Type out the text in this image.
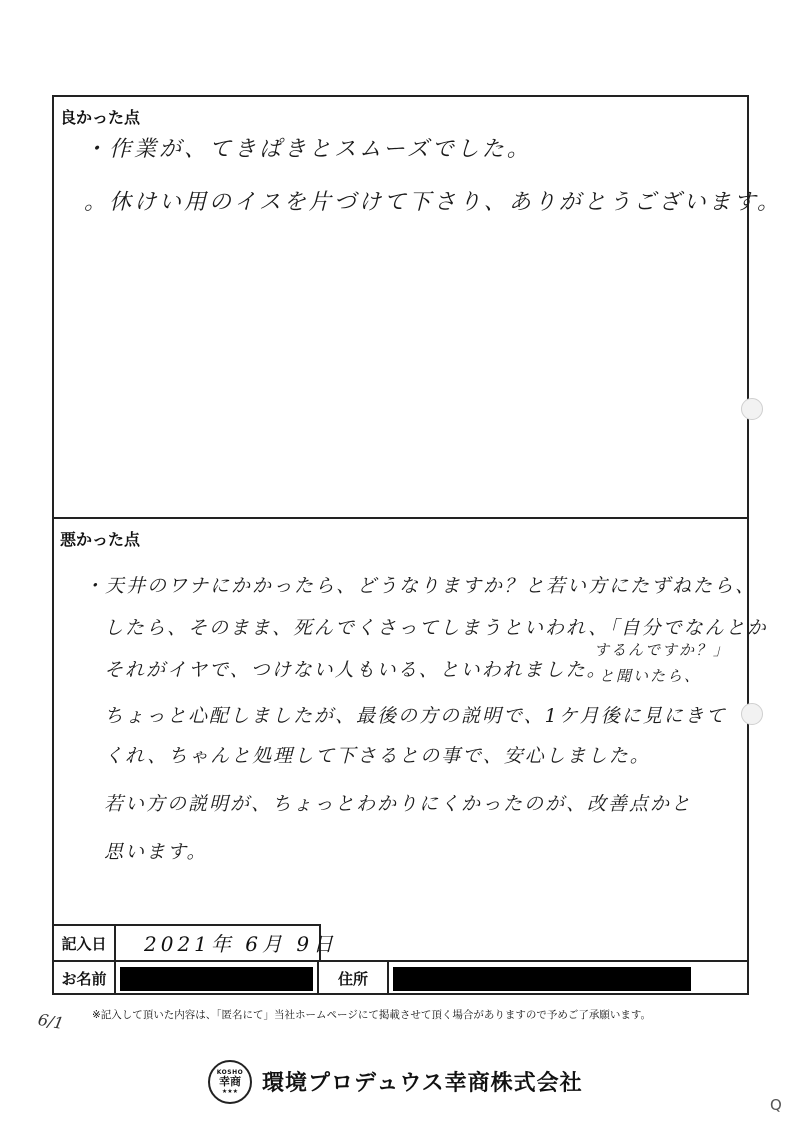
良かった点
・作業が、てきぱきとスムーズでした。
。休けい用のイスを片づけて下さり、ありがとうございます。
悪かった点
・天井のワナにかかったら、どうなりますか？と若い方にたずねたら、
したら、そのまま、死んでくさってしまうといわれ、「自分でなんとか
それがイヤで、つけない人もいる、といわれました。
するんですか？」
と聞いたら、
ちょっと心配しましたが、最後の方の説明で、1ケ月後に見にきて
くれ、ちゃんと処理して下さるとの事で、安心しました。
若い方の説明が、ちょっとわかりにくかったのが、改善点かと
思います。
記入日	2021年 6月 9日
お名前	住所
6/1	※記入して頂いた内容は、「匿名にて」当社ホームページにて掲載させて頂く場合がありますので予めご了承願います。
KOSHO
幸商
★★★ 環境プロデュウス幸商株式会社
Q
